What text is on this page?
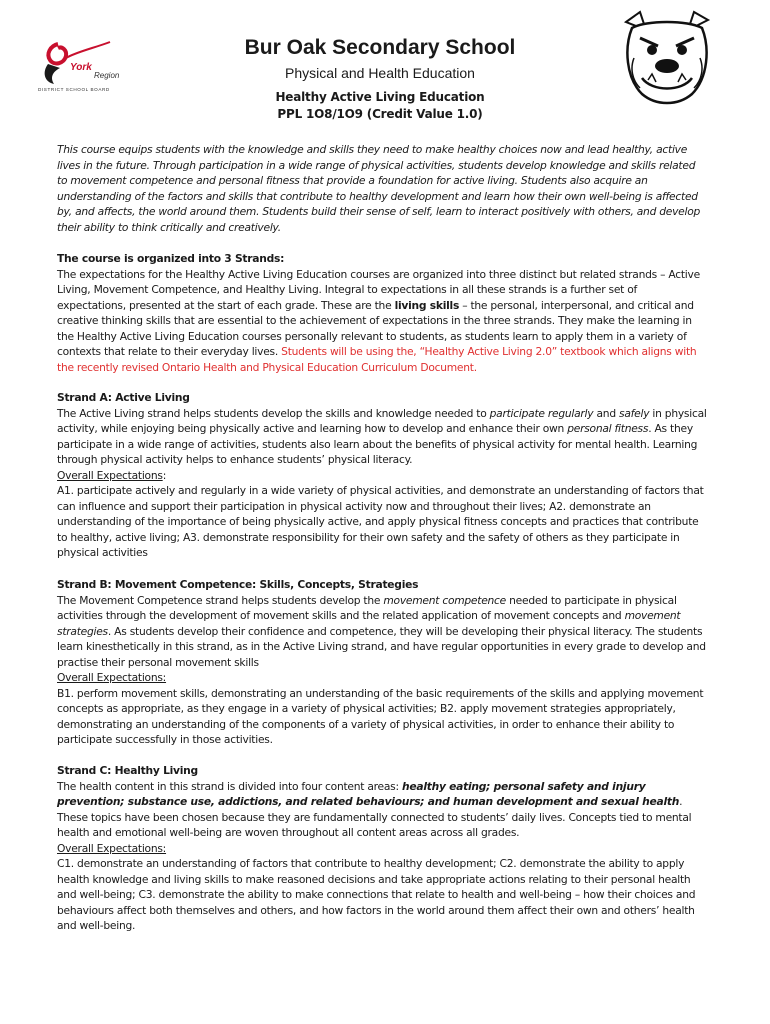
York
Region
DISTRICT SCHOOL BOARD
Bur Oak Secondary School
Physical and Health Education
Healthy Active Living Education
PPL 1O8/1O9 (Credit Value 1.0)

This course equips students with the knowledge and skills they need to make healthy choices now and lead healthy, active lives in the future. Through participation in a wide range of physical activities, students develop knowledge and skills related to movement competence and personal fitness that provide a foundation for active living. Students also acquire an understanding of the factors and skills that contribute to healthy development and learn how their own well-being is affected by, and affects, the world around them. Students build their sense of self, learn to interact positively with others, and develop their ability to think critically and creatively.

The course is organized into 3 Strands:

The expectations for the Healthy Active Living Education courses are organized into three distinct but related strands – Active Living, Movement Competence, and Healthy Living. Integral to expectations in all these strands is a further set of expectations, presented at the start of each grade. These are the living skills – the personal, interpersonal, and critical and creative thinking skills that are essential to the achievement of expectations in the three strands. They make the learning in the Healthy Active Living Education courses personally relevant to students, as students learn to apply them in a variety of contexts that relate to their everyday lives. Students will be using the, “Healthy Active Living 2.0” textbook which aligns with the recently revised Ontario Health and Physical Education Curriculum Document.

Strand A: Active Living

The Active Living strand helps students develop the skills and knowledge needed to participate regularly and safely in physical activity, while enjoying being physically active and learning how to develop and enhance their own personal fitness. As they participate in a wide range of activities, students also learn about the benefits of physical activity for mental health. Learning through physical activity helps to enhance students’ physical literacy.

Overall Expectations:

A1. participate actively and regularly in a wide variety of physical activities, and demonstrate an understanding of factors that can influence and support their participation in physical activity now and throughout their lives; A2. demonstrate an understanding of the importance of being physically active, and apply physical fitness concepts and practices that contribute to healthy, active living; A3. demonstrate responsibility for their own safety and the safety of others as they participate in physical activities

Strand B: Movement Competence: Skills, Concepts, Strategies

The Movement Competence strand helps students develop the movement competence needed to participate in physical activities through the development of movement skills and the related application of movement concepts and movement strategies. As students develop their confidence and competence, they will be developing their physical literacy. The students learn kinesthetically in this strand, as in the Active Living strand, and have regular opportunities in every grade to develop and practise their personal movement skills

Overall Expectations:

B1. perform movement skills, demonstrating an understanding of the basic requirements of the skills and applying movement concepts as appropriate, as they engage in a variety of physical activities; B2. apply movement strategies appropriately, demonstrating an understanding of the components of a variety of physical activities, in order to enhance their ability to participate successfully in those activities.

Strand C: Healthy Living

The health content in this strand is divided into four content areas: healthy eating; personal safety and injury prevention; substance use, addictions, and related behaviours; and human development and sexual health. These topics have been chosen because they are fundamentally connected to students’ daily lives. Concepts tied to mental health and emotional well-being are woven throughout all content areas across all grades.

Overall Expectations:

C1. demonstrate an understanding of factors that contribute to healthy development; C2. demonstrate the ability to apply health knowledge and living skills to make reasoned decisions and take appropriate actions relating to their personal health and well-being; C3. demonstrate the ability to make connections that relate to health and well-being – how their choices and behaviours affect both themselves and others, and how factors in the world around them affect their own and others’ health and well-being.
